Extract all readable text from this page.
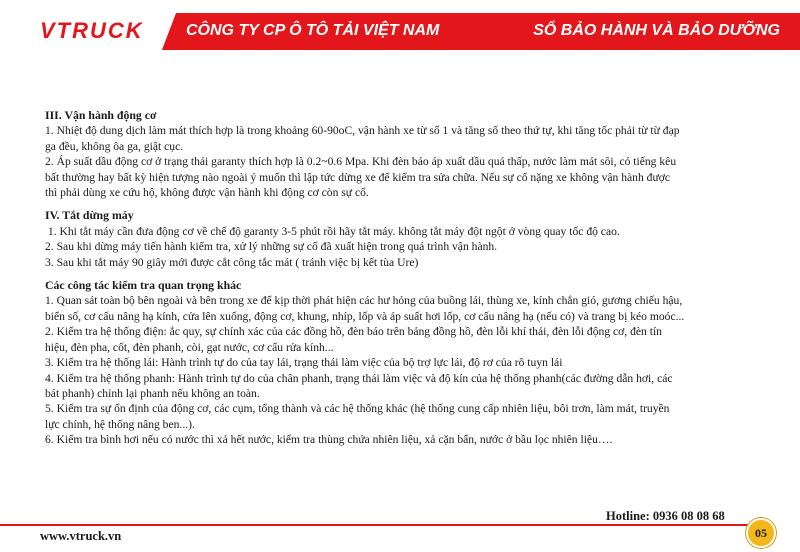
VTRUCK	CÔNG TY CP Ô TÔ TẢI VIỆT NAM	SỔ BẢO HÀNH VÀ BẢO DƯỠNG

III. Vận hành động cơ

1. Nhiệt độ dung dịch làm mát thích hợp là trong khoảng 60-90oC, vận hành xe từ số 1 và tăng số theo thứ tự, khi tăng tốc phải từ từ đạp

ga đều, không ôa ga, giật cục.

2. Áp suất dầu động cơ ở trạng thái garanty thích hợp là 0.2~0.6 Mpa. Khi đèn báo áp xuất dầu quá thấp, nước làm mát sôi, có tiếng kêu

bất thường hay bất kỳ hiện tượng nào ngoài ý muốn thì lập tức dừng xe để kiểm tra sửa chữa. Nếu sự cố nặng xe không vận hành được

thì phải dùng xe cứu hộ, không được vận hành khi động cơ còn sự cố.

IV. Tắt dừng máy

1. Khi tắt máy cần đưa động cơ về chế độ garanty 3-5 phút rồi hãy tắt máy. không tắt máy đột ngột ở vòng quay tốc độ cao.

2. Sau khi dừng máy tiến hành kiểm tra, xử lý những sự cố đã xuất hiện trong quá trình vận hành.

3. Sau khi tắt máy 90 giây mới được cắt công tắc mát ( tránh việc bị kết tùa Ure)

Các công tác kiểm tra quan trọng khác

1. Quan sát toàn bộ bên ngoài và bên trong xe để kịp thời phát hiện các hư hỏng của buồng lái, thùng xe, kính chắn gió, gương chiếu hậu,

biển số, cơ cấu nâng hạ kính, cửa lên xuống, động cơ, khung, nhíp, lốp và áp suất hơi lốp, cơ cấu nâng hạ (nếu có) và trang bị kéo moóc...

2. Kiểm tra hệ thống điện: ắc quy, sự chính xác của các đồng hồ, đèn báo trên bảng đồng hồ, đèn lỗi khí thải, đèn lỗi động cơ, đèn tín

hiệu, đèn pha, cốt, đèn phanh, còi, gạt nước, cơ cấu rửa kính...

3. Kiểm tra hệ thống lái: Hành trình tự do của tay lái, trạng thái làm việc của bộ trợ lực lái, độ rơ của rô tuyn lái

4. Kiểm tra hệ thống phanh: Hành trình tự do của chân phanh, trạng thái làm việc và độ kín của hệ thống phanh(các đường dẫn hơi, các

bát phanh) chỉnh lại phanh nếu không an toàn.

5. Kiểm tra sự ổn định của động cơ, các cụm, tổng thành và các hệ thống khác (hệ thống cung cấp nhiên liệu, bôi trơn, làm mát, truyền

lực chính, hệ thống nâng ben...).

6. Kiểm tra bình hơi nếu có nước thì xả hết nước, kiểm tra thùng chứa nhiên liệu, xả cặn bẩn, nước ở bầu lọc nhiên liệu….

Hotline: 0936 08 08 68
www.vtruck.vn	05
